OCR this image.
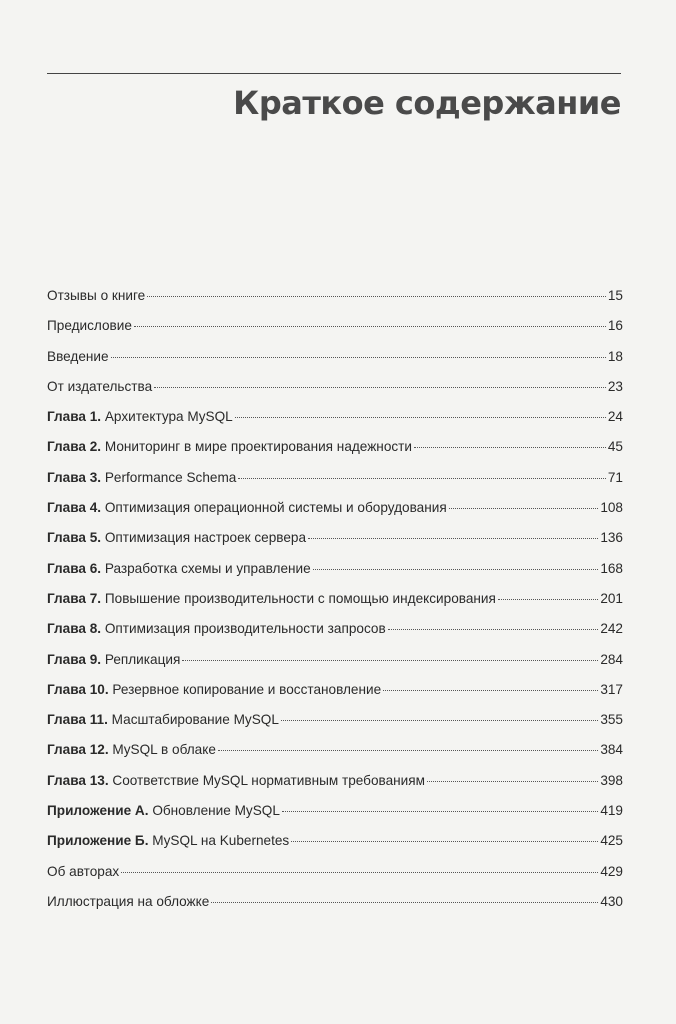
Краткое содержание
Отзывы о книге	15
Предисловие	16
Введение	18
От издательства	23
Глава 1. Архитектура MySQL	24
Глава 2. Мониторинг в мире проектирования надежности	45
Глава 3. Performance Schema	71
Глава 4. Оптимизация операционной системы и оборудования	108
Глава 5. Оптимизация настроек сервера	136
Глава 6. Разработка схемы и управление	168
Глава 7. Повышение производительности с помощью индексирования	201
Глава 8. Оптимизация производительности запросов	242
Глава 9. Репликация	284
Глава 10. Резервное копирование и восстановление	317
Глава 11. Масштабирование MySQL	355
Глава 12. MySQL в облаке	384
Глава 13. Соответствие MySQL нормативным требованиям	398
Приложение А. Обновление MySQL	419
Приложение Б. MySQL на Kubernetes	425
Об авторах	429
Иллюстрация на обложке	430
